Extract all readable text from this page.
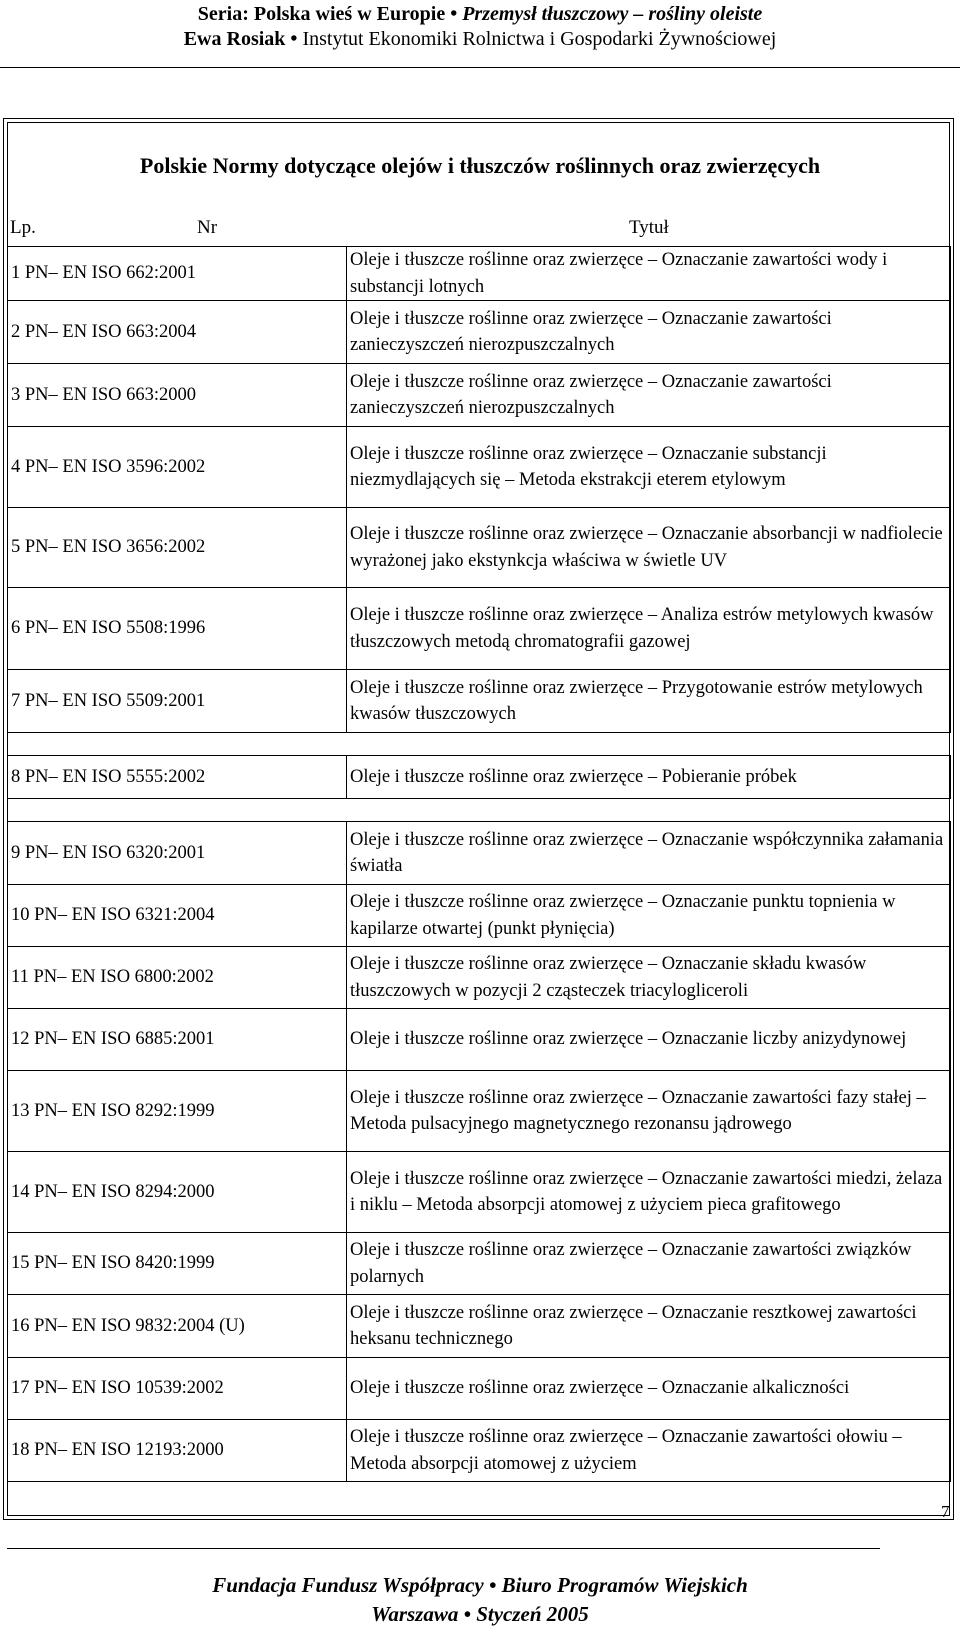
Seria: Polska wieś w Europie • Przemysł tłuszczowy – rośliny oleiste
Ewa Rosiak • Instytut Ekonomiki Rolnictwa i Gospodarki Żywnościowej
Polskie Normy dotyczące olejów i tłuszczów roślinnych oraz zwierzęcych
Lp.	Nr	Tytuł
1 PN– EN ISO 662:2001	Oleje i tłuszcze roślinne oraz zwierzęce – Oznaczanie zawartości wody i substancji lotnych
2 PN– EN ISO 663:2004	Oleje i tłuszcze roślinne oraz zwierzęce – Oznaczanie zawartości zanieczyszczeń nierozpuszczalnych
3 PN– EN ISO 663:2000	Oleje i tłuszcze roślinne oraz zwierzęce – Oznaczanie zawartości zanieczyszczeń nierozpuszczalnych
4 PN– EN ISO 3596:2002	Oleje i tłuszcze roślinne oraz zwierzęce – Oznaczanie substancji niezmydlających się – Metoda ekstrakcji eterem etylowym
5 PN– EN ISO 3656:2002	Oleje i tłuszcze roślinne oraz zwierzęce – Oznaczanie absorbancji w nadfiolecie wyrażonej jako ekstynkcja właściwa w świetle UV
6 PN– EN ISO 5508:1996	Oleje i tłuszcze roślinne oraz zwierzęce – Analiza estrów metylowych kwasów tłuszczowych metodą chromatografii gazowej
7 PN– EN ISO 5509:2001	Oleje i tłuszcze roślinne oraz zwierzęce – Przygotowanie estrów metylowych kwasów tłuszczowych

8 PN– EN ISO 5555:2002	Oleje i tłuszcze roślinne oraz zwierzęce – Pobieranie próbek

9 PN– EN ISO 6320:2001	Oleje i tłuszcze roślinne oraz zwierzęce – Oznaczanie współczynnika załamania światła
10 PN– EN ISO 6321:2004	Oleje i tłuszcze roślinne oraz zwierzęce – Oznaczanie punktu topnienia w kapilarze otwartej (punkt płynięcia)
11 PN– EN ISO 6800:2002	Oleje i tłuszcze roślinne oraz zwierzęce – Oznaczanie składu kwasów tłuszczowych w pozycji 2 cząsteczek triacylogliceroli
12 PN– EN ISO 6885:2001	Oleje i tłuszcze roślinne oraz zwierzęce – Oznaczanie liczby anizydynowej
13 PN– EN ISO 8292:1999	Oleje i tłuszcze roślinne oraz zwierzęce – Oznaczanie zawartości fazy stałej – Metoda pulsacyjnego magnetycznego rezonansu jądrowego
14 PN– EN ISO 8294:2000	Oleje i tłuszcze roślinne oraz zwierzęce – Oznaczanie zawartości miedzi, żelaza i niklu – Metoda absorpcji atomowej z użyciem pieca grafitowego
15 PN– EN ISO 8420:1999	Oleje i tłuszcze roślinne oraz zwierzęce – Oznaczanie zawartości związków polarnych
16 PN– EN ISO 9832:2004 (U)	Oleje i tłuszcze roślinne oraz zwierzęce – Oznaczanie resztkowej zawartości heksanu technicznego
17 PN– EN ISO 10539:2002	Oleje i tłuszcze roślinne oraz zwierzęce – Oznaczanie alkaliczności
18 PN– EN ISO 12193:2000	Oleje i tłuszcze roślinne oraz zwierzęce – Oznaczanie zawartości ołowiu – Metoda absorpcji atomowej z użyciem
7
Fundacja Fundusz Współpracy • Biuro Programów Wiejskich
Warszawa • Styczeń 2005
